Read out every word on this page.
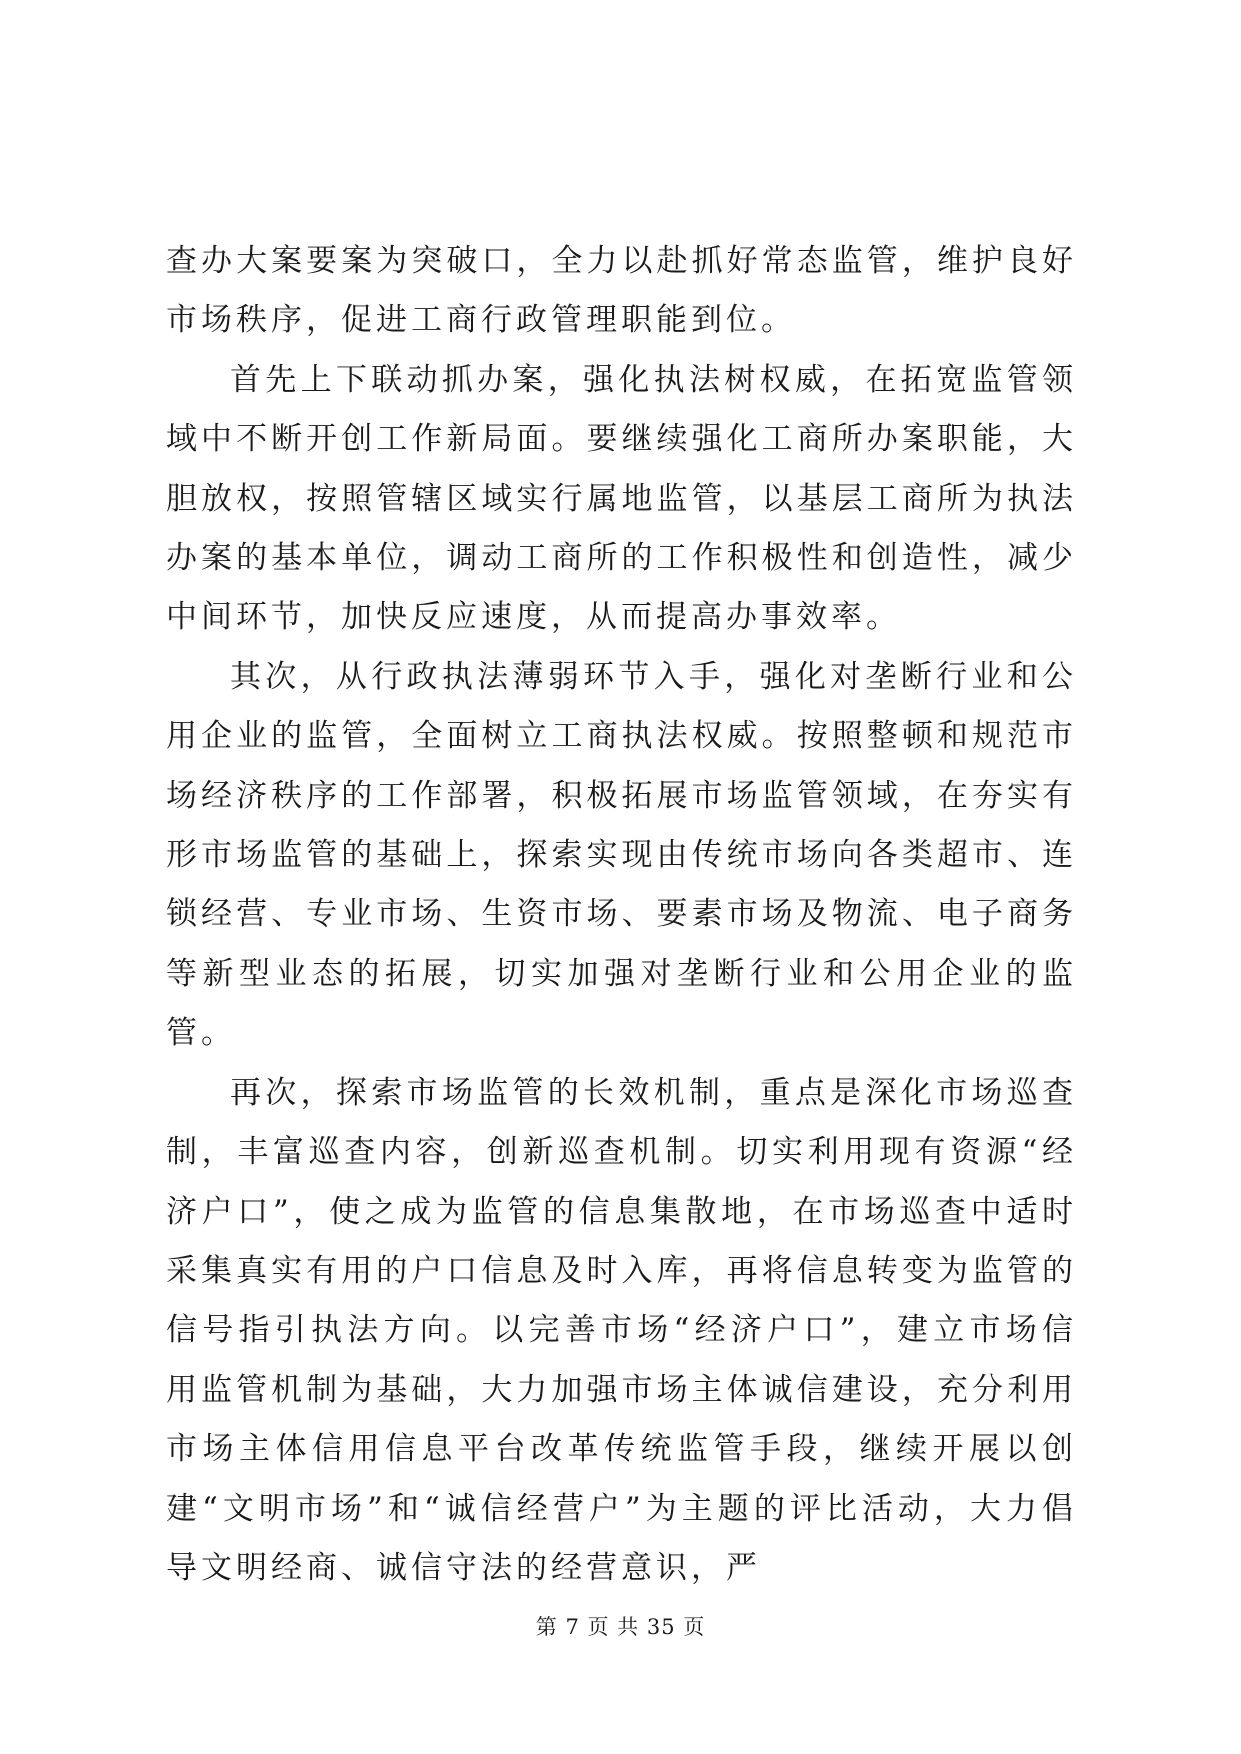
查办大案要案为突破口，全力以赴抓好常态监管，维护良好市场秩序，促进工商行政管理职能到位。

首先上下联动抓办案，强化执法树权威，在拓宽监管领域中不断开创工作新局面。要继续强化工商所办案职能，大胆放权，按照管辖区域实行属地监管，以基层工商所为执法办案的基本单位，调动工商所的工作积极性和创造性，减少中间环节，加快反应速度，从而提高办事效率。

其次，从行政执法薄弱环节入手，强化对垄断行业和公用企业的监管，全面树立工商执法权威。按照整顿和规范市场经济秩序的工作部署，积极拓展市场监管领域，在夯实有形市场监管的基础上，探索实现由传统市场向各类超市、连锁经营、专业市场、生资市场、要素市场及物流、电子商务等新型业态的拓展，切实加强对垄断行业和公用企业的监管。

再次，探索市场监管的长效机制，重点是深化市场巡查制，丰富巡查内容，创新巡查机制。切实利用现有资源“经济户口”，使之成为监管的信息集散地，在市场巡查中适时采集真实有用的户口信息及时入库，再将信息转变为监管的信号指引执法方向。以完善市场“经济户口”，建立市场信用监管机制为基础，大力加强市场主体诚信建设，充分利用市场主体信用信息平台改革传统监管手段，继续开展以创建“文明市场”和“诚信经营户”为主题的评比活动，大力倡导文明经商、诚信守法的经营意识，严

第 7 页 共 35 页
